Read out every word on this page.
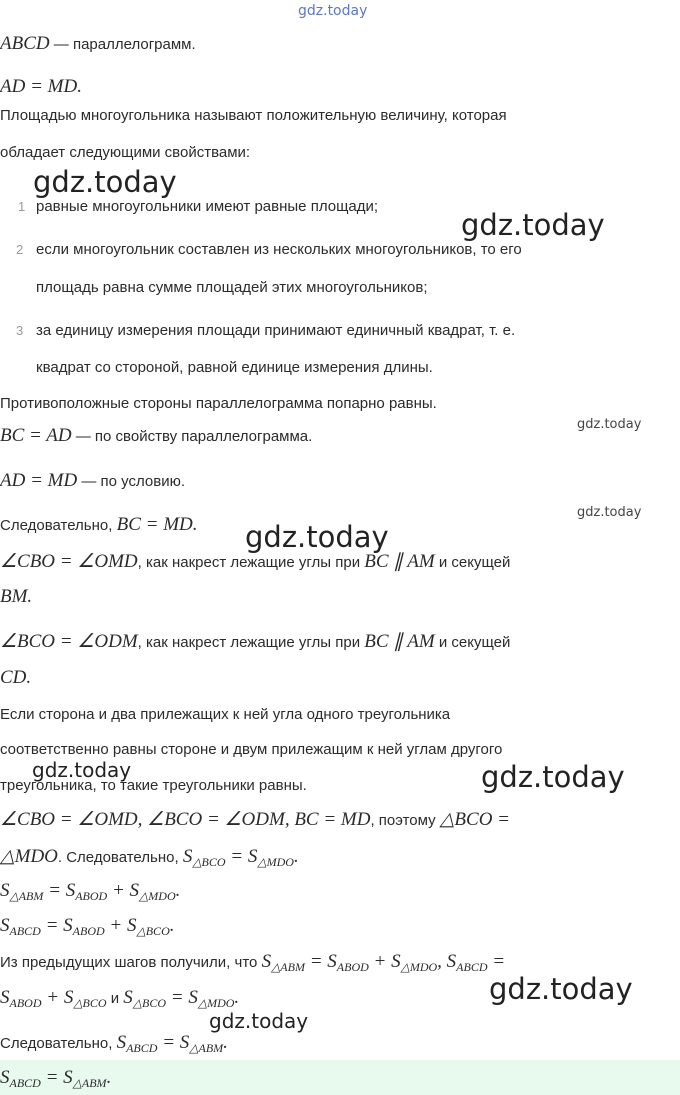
gdz.today
gdz.today
gdz.today
gdz.today
gdz.today
gdz.today
gdz.today	gdz.today
gdz.today
gdz.today
ABCD — параллелограмм.
AD = MD.
Площадью многоугольника называют положительную величину, которая
обладает следующими свойствами:
1 равные многоугольники имеют равные площади;
2 если многоугольник составлен из нескольких многоугольников, то его
площадь равна сумме площадей этих многоугольников;
3 за единицу измерения площади принимают единичный квадрат, т. е.
квадрат со стороной, равной единице измерения длины.
Противоположные стороны параллелограмма попарно равны.
BC = AD — по свойству параллелограмма.
AD = MD — по условию.
Следовательно, BC = MD.
∠CBO = ∠OMD, как накрест лежащие углы при BC ∥ AM и секущей
BM.
∠BCO = ∠ODM, как накрест лежащие углы при BC ∥ AM и секущей
CD.
Если сторона и два прилежащих к ней угла одного треугольника
соответственно равны стороне и двум прилежащим к ней углам другого
треугольника, то такие треугольники равны.
∠CBO = ∠OMD, ∠BCO = ∠ODM, BC = MD, поэтому △BCO =
△MDO. Следовательно, $S_{\triangle BCO} = S_{\triangle MDO}$.
$S_{\triangle ABM} = S_{ABOD} + S_{\triangle MDO}$.
$S_{ABCD} = S_{ABOD} + S_{\triangle BCO}$.
Из предыдущих шагов получили, что $S_{\triangle ABM} = S_{ABOD} + S_{\triangle MDO}$, $S_{ABCD}$ =
$S_{ABOD} + S_{\triangle BCO}$ и $S_{\triangle BCO} = S_{\triangle MDO}$.
Следовательно, $S_{ABCD} = S_{\triangle ABM}$.
$S_{ABCD} = S_{\triangle ABM}$.
